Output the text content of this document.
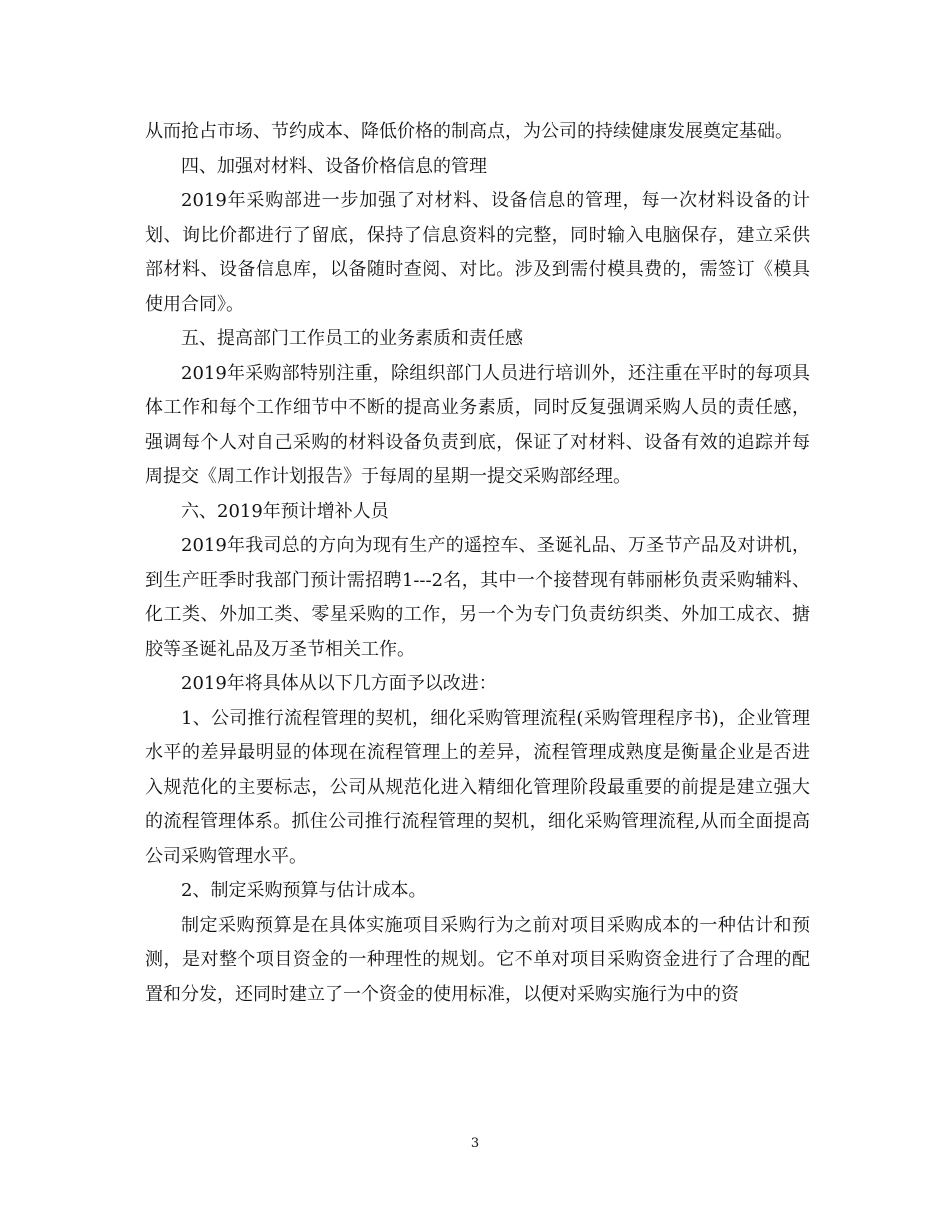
从而抢占市场、节约成本、降低价格的制高点，为公司的持续健康发展奠定基础。

四、加强对材料、设备价格信息的管理

2019年采购部进一步加强了对材料、设备信息的管理，每一次材料设备的计划、询比价都进行了留底，保持了信息资料的完整，同时输入电脑保存，建立采供部材料、设备信息库，以备随时查阅、对比。涉及到需付模具费的，需签订《模具使用合同》。

五、提高部门工作员工的业务素质和责任感

2019年采购部特别注重，除组织部门人员进行培训外，还注重在平时的每项具体工作和每个工作细节中不断的提高业务素质，同时反复强调采购人员的责任感，强调每个人对自己采购的材料设备负责到底，保证了对材料、设备有效的追踪并每周提交《周工作计划报告》于每周的星期一提交采购部经理。

六、2019年预计增补人员

2019年我司总的方向为现有生产的遥控车、圣诞礼品、万圣节产品及对讲机，到生产旺季时我部门预计需招聘1---2名，其中一个接替现有韩丽彬负责采购辅料、化工类、外加工类、零星采购的工作，另一个为专门负责纺织类、外加工成衣、搪胶等圣诞礼品及万圣节相关工作。

2019年将具体从以下几方面予以改进：

1、公司推行流程管理的契机，细化采购管理流程(采购管理程序书)，企业管理水平的差异最明显的体现在流程管理上的差异，流程管理成熟度是衡量企业是否进入规范化的主要标志，公司从规范化进入精细化管理阶段最重要的前提是建立强大的流程管理体系。抓住公司推行流程管理的契机，细化采购管理流程,从而全面提高公司采购管理水平。

2、制定采购预算与估计成本。

制定采购预算是在具体实施项目采购行为之前对项目采购成本的一种估计和预测，是对整个项目资金的一种理性的规划。它不单对项目采购资金进行了合理的配置和分发，还同时建立了一个资金的使用标准，以便对采购实施行为中的资

3
